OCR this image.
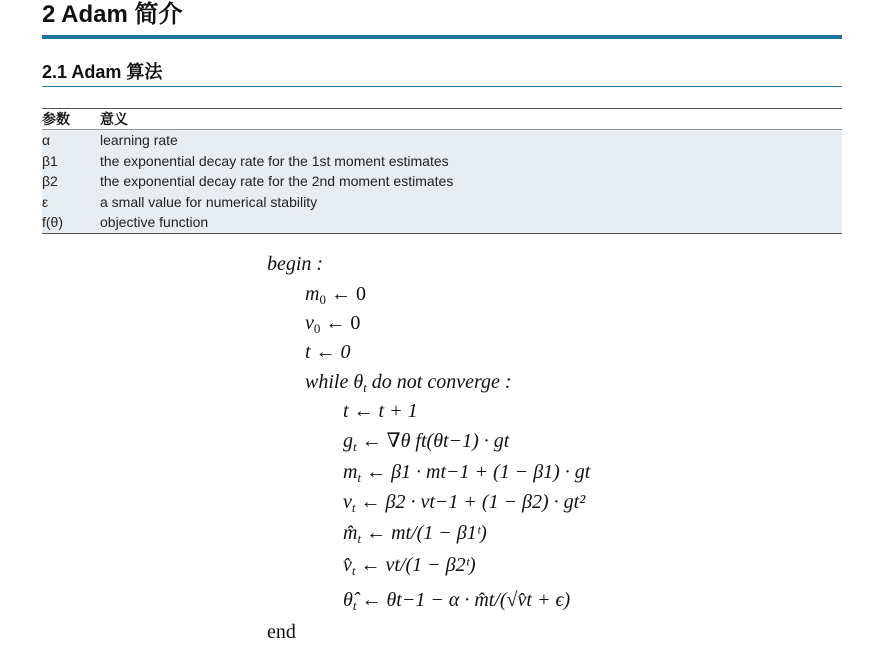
2 Adam 简介
2.1 Adam 算法
参数	意义
α	learning rate
β1	the exponential decay rate for the 1st moment estimates
β2	the exponential decay rate for the 2nd moment estimates
ε	a small value for numerical stability
f(θ)	objective function
begin :
$m_0$ ← 0
$v_0$ ← 0
t ← 0
while $\theta_t$ do not converge :
t ← t + 1
$g_t$ ← ∇θ ft(θt−1) · gt
$m_t$ ← β1 · mt−1 + (1 − β1) · gt
$v_t$ ← β2 · vt−1 + (1 − β2) · gt²
$m̂_t$ ← mt/(1 − β1ᵗ)
$v̂_t$ ← vt/(1 − β2ᵗ)
$\thetâ_t$ ← θt−1 − α · m̂t/(√v̂t + ϵ)
end
